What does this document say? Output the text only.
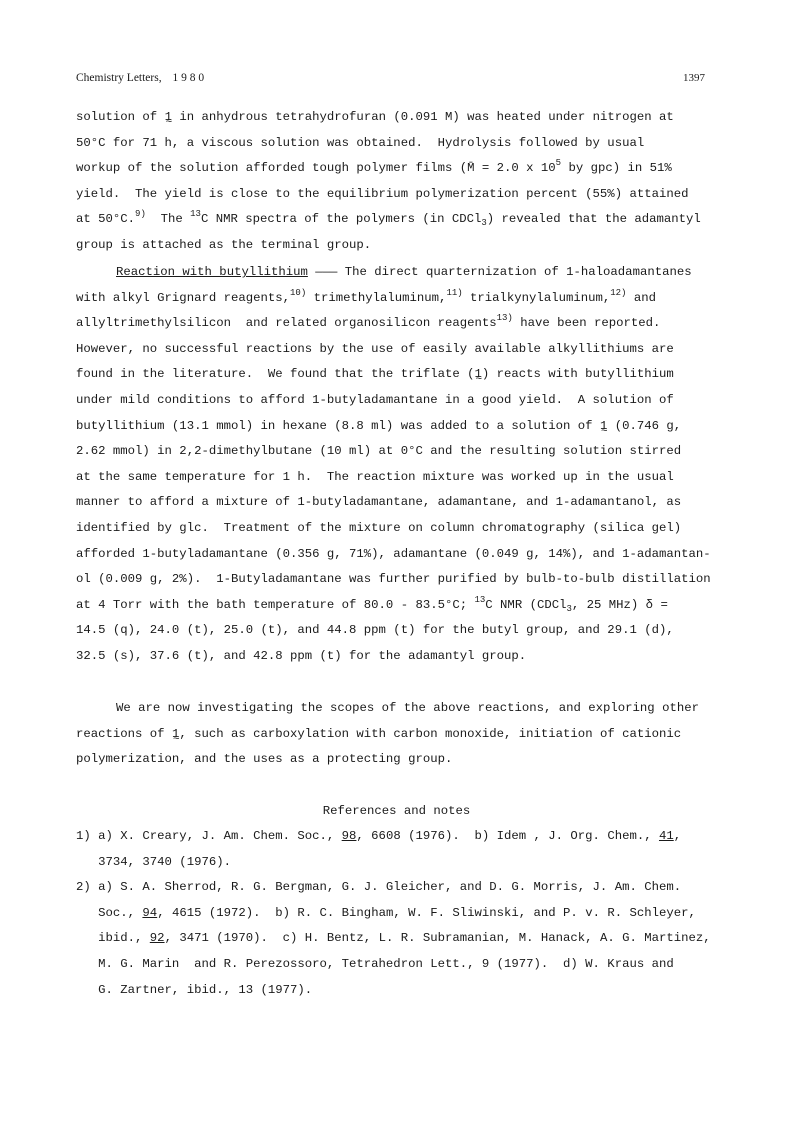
Chemistry Letters, 1 9 8 0	1397
solution of 1 ~ in anhydrous tetrahydrofuran (0.091 M) was heated under nitrogen at
50°C for 71 h, a viscous solution was obtained.  Hydrolysis followed by usual
workup of the solution afforded tough polymer films (M̄ = 2.0 x $10^5$ by gpc) in 51%
yield.  The yield is close to the equilibrium polymerization percent (55%) attained
at 50°C.$^{9)}$  The $^{13}$C NMR spectra of the polymers (in CDCl$_3$) revealed that the adamantyl
group is attached as the terminal group.
Reaction with butyllithium ——— The direct quarternization of 1-haloadamantanes
with alkyl Grignard reagents,$^{10)}$ trimethylaluminum,$^{11)}$ trialkynylaluminum,$^{12)}$ and
allyltrimethylsilicon  and related organosilicon reagents$^{13)}$ have been reported.
However, no successful reactions by the use of easily available alkyllithiums are
found in the literature.  We found that the triflate (1 ~) reacts with butyllithium
under mild conditions to afford 1-butyladamantane in a good yield.  A solution of
butyllithium (13.1 mmol) in hexane (8.8 ml) was added to a solution of 1 ~ (0.746 g,
2.62 mmol) in 2,2-dimethylbutane (10 ml) at 0°C and the resulting solution stirred
at the same temperature for 1 h.  The reaction mixture was worked up in the usual
manner to afford a mixture of 1-butyladamantane, adamantane, and 1-adamantanol, as
identified by glc.  Treatment of the mixture on column chromatography (silica gel)
afforded 1-butyladamantane (0.356 g, 71%), adamantane (0.049 g, 14%), and 1-adamantan-
ol (0.009 g, 2%).  1-Butyladamantane was further purified by bulb-to-bulb distillation
at 4 Torr with the bath temperature of 80.0 - 83.5°C; $^{13}$C NMR (CDCl$_3$, 25 MHz) δ =
14.5 (q), 24.0 (t), 25.0 (t), and 44.8 ppm (t) for the butyl group, and 29.1 (d),
32.5 (s), 37.6 (t), and 42.8 ppm (t) for the adamantyl group.
We are now investigating the scopes of the above reactions, and exploring other
reactions of 1 ~, such as carboxylation with carbon monoxide, initiation of cationic
polymerization, and the uses as a protecting group.
References and notes
1) a) X. Creary, J. Am. Chem. Soc., 98, 6608 (1976).  b) Idem , J. Org. Chem., 41,
3734, 3740 (1976).
2) a) S. A. Sherrod, R. G. Bergman, G. J. Gleicher, and D. G. Morris, J. Am. Chem.
Soc., 94, 4615 (1972).  b) R. C. Bingham, W. F. Sliwinski, and P. v. R. Schleyer,
ibid., 92, 3471 (1970).  c) H. Bentz, L. R. Subramanian, M. Hanack, A. G. Martinez,
M. G. Marin  and R. Perezossoro, Tetrahedron Lett., 9 (1977).  d) W. Kraus and
G. Zartner, ibid., 13 (1977).
